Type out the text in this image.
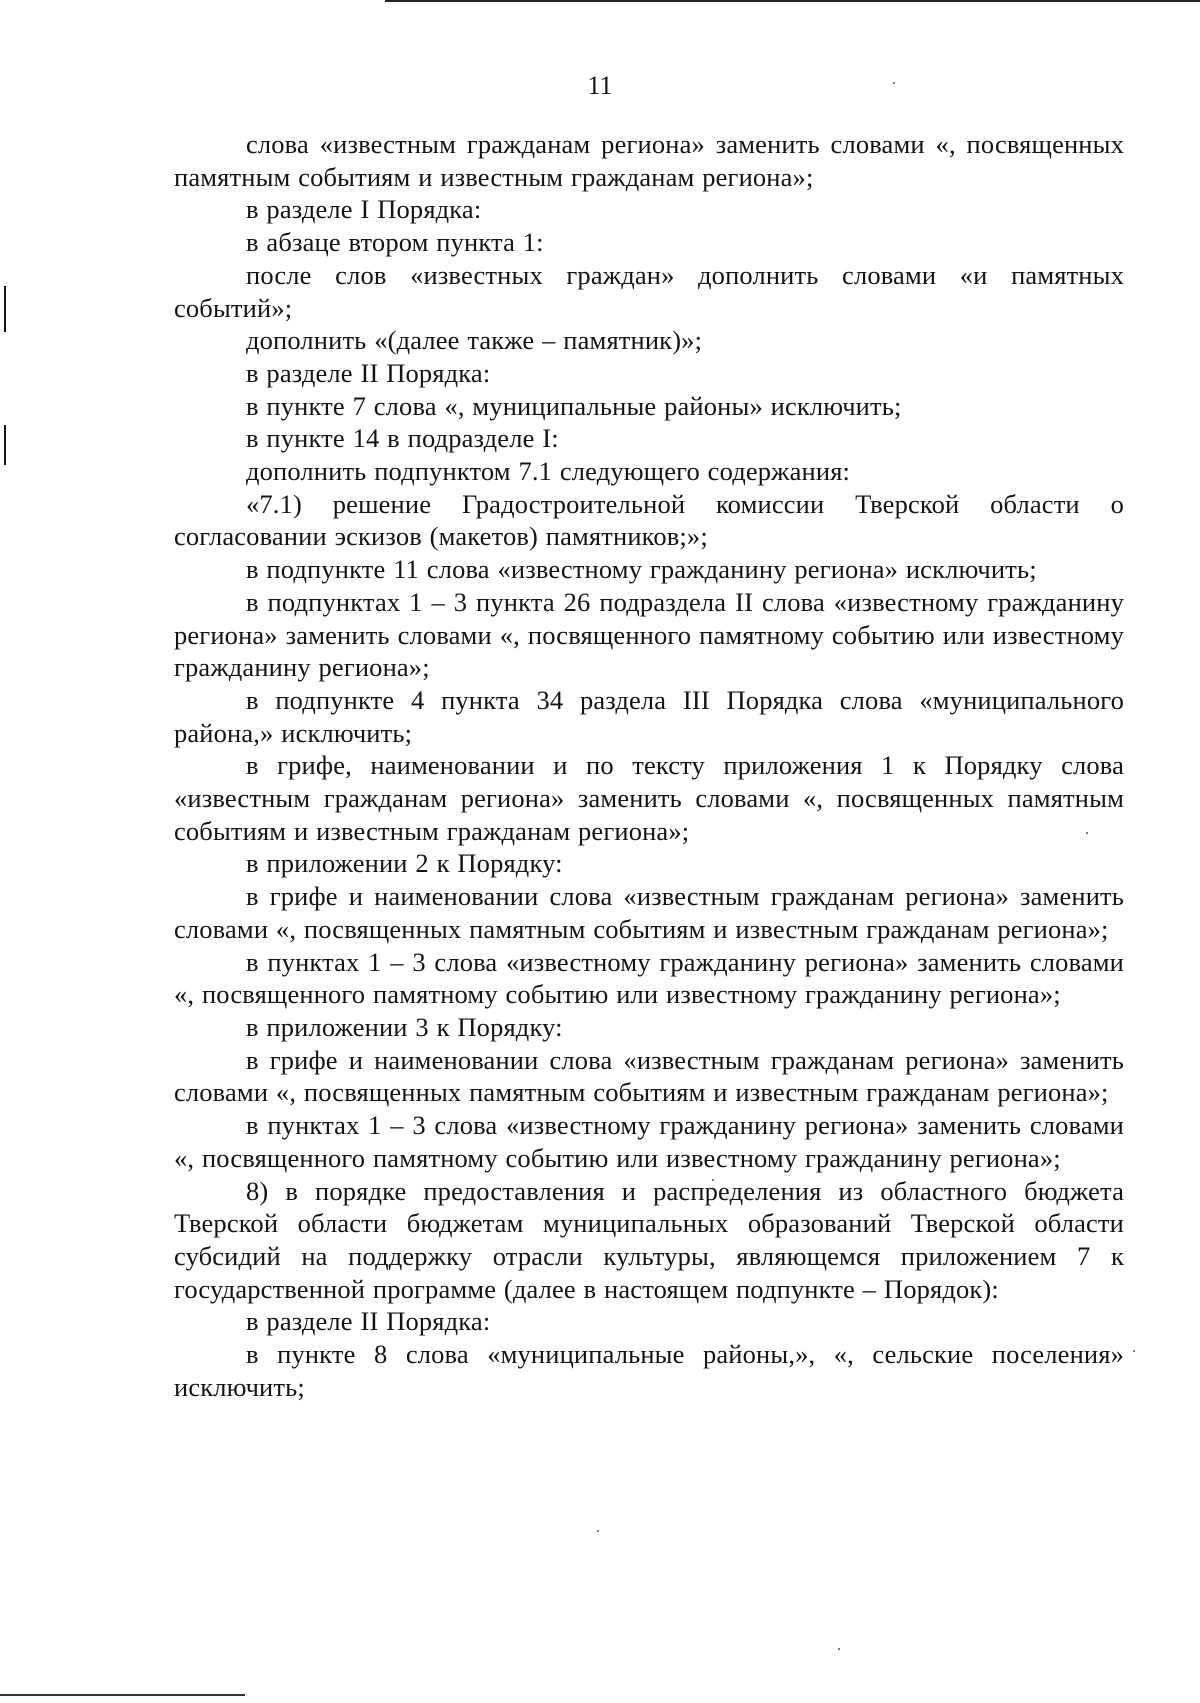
11

слова «известным гражданам региона» заменить словами «, посвященных памятным событиям и известным гражданам региона»;

в разделе I Порядка:

в абзаце втором пункта 1:

после слов «известных граждан» дополнить словами «и памятных событий»;

дополнить «(далее также – памятник)»;

в разделе II Порядка:

в пункте 7 слова «, муниципальные районы» исключить;

в пункте 14 в подразделе I:

дополнить подпунктом 7.1 следующего содержания:

«7.1) решение Градостроительной комиссии Тверской области о согласовании эскизов (макетов) памятников;»;

в подпункте 11 слова «известному гражданину региона» исключить;

в подпунктах 1 – 3 пункта 26 подраздела II слова «известному гражданину региона» заменить словами «, посвященного памятному событию или известному гражданину региона»;

в подпункте 4 пункта 34 раздела III Порядка слова «муниципального района,» исключить;

в грифе, наименовании и по тексту приложения 1 к Порядку слова «известным гражданам региона» заменить словами «, посвященных памятным событиям и известным гражданам региона»;

в приложении 2 к Порядку:

в грифе и наименовании слова «известным гражданам региона» заменить словами «, посвященных памятным событиям и известным гражданам региона»;

в пунктах 1 – 3 слова «известному гражданину региона» заменить словами «, посвященного памятному событию или известному гражданину региона»;

в приложении 3 к Порядку:

в грифе и наименовании слова «известным гражданам региона» заменить словами «, посвященных памятным событиям и известным гражданам региона»;

в пунктах 1 – 3 слова «известному гражданину региона» заменить словами «, посвященного памятному событию или известному гражданину региона»;

8) в порядке предоставления и распределения из областного бюджета Тверской области бюджетам муниципальных образований Тверской области субсидий на поддержку отрасли культуры, являющемся приложением 7 к государственной программе (далее в настоящем подпункте – Порядок):

в разделе II Порядка:

в пункте 8 слова «муниципальные районы,», «, сельские поселения» исключить;
